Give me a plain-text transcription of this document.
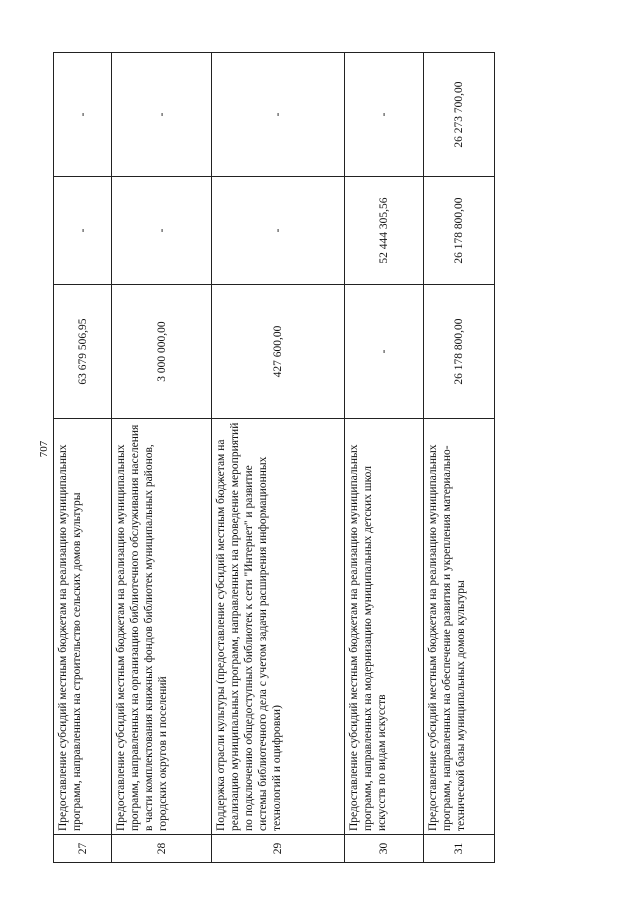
707
27	Предоставление субсидий местным бюджетам на реализацию муниципальных программ, направленных на строительство сельских домов культуры	63 679 506,95	-	-
28	Предоставление субсидий местным бюджетам на реализацию муниципальных программ, направленных на организацию библиотечного обслуживания населения в части комплектования книжных фондов библиотек муниципальных районов, городских округов и поселений	3 000 000,00	-	-
29	Поддержка отрасли культуры (предоставление субсидий местным бюджетам на реализацию муниципальных программ, направленных на проведение мероприятий по подключению общедоступных библиотек к сети "Интернет" и развитие системы библиотечного дела с учетом задачи расширения информационных технологий и оцифровки)	427 600,00	-	-
30	Предоставление субсидий местным бюджетам на реализацию муниципальных программ, направленных на модернизацию муниципальных детских школ искусств по видам искусств	-	52 444 305,56	-
31	Предоставление субсидий местным бюджетам на реализацию муниципальных программ, направленных на обеспечение развития и укрепления материально-технической базы муниципальных домов культуры	26 178 800,00	26 178 800,00	26 273 700,00
